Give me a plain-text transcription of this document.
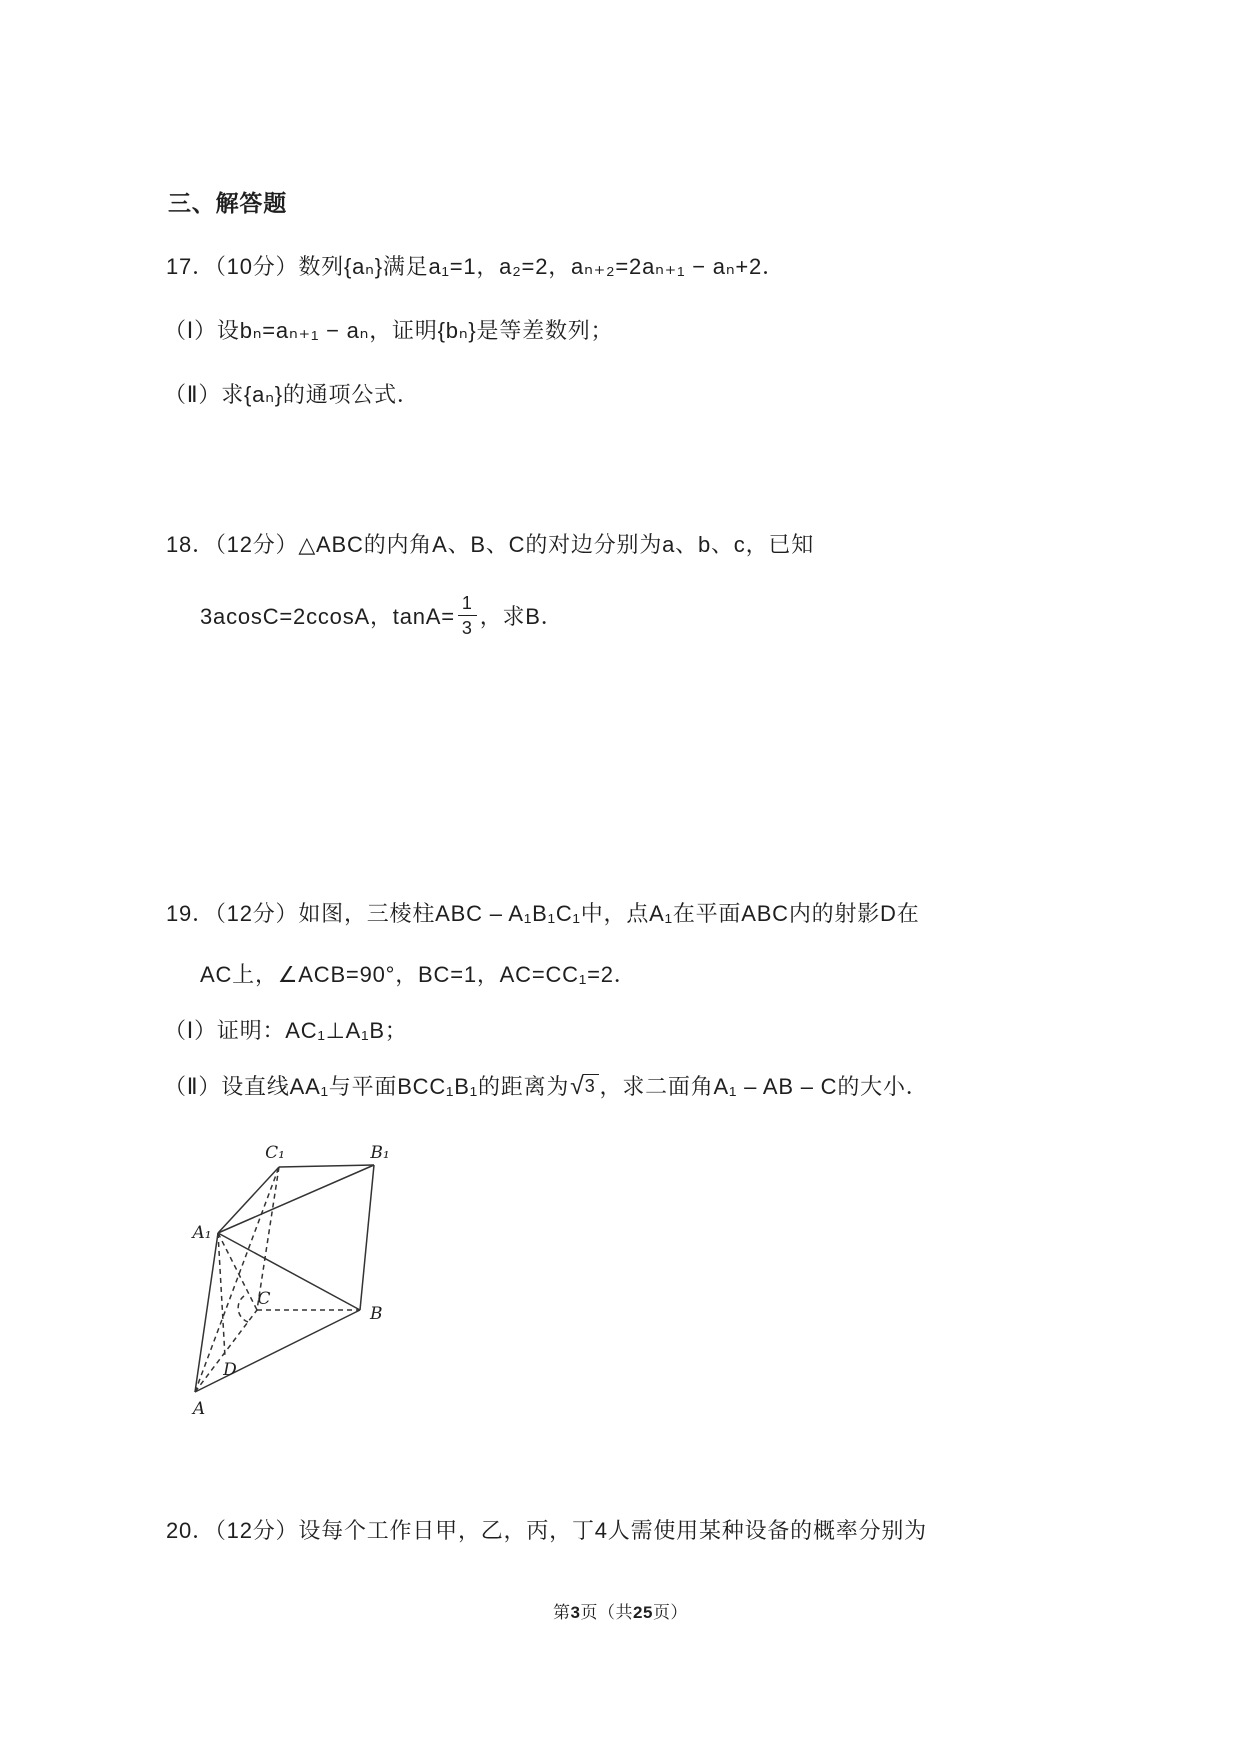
三、解答题
17．（10分）数列{aₙ}满足a₁=1，a₂=2，aₙ₊₂=2aₙ₊₁ − aₙ+2．
（Ⅰ）设bₙ=aₙ₊₁ − aₙ，证明{bₙ}是等差数列；
（Ⅱ）求{aₙ}的通项公式．
18．（12分）△ABC的内角A、B、C的对边分别为a、b、c，已知
3acosC=2ccosA，$\tan A= \frac{1}{3}$ ，求B．
19．（12分）如图，三棱柱ABC – A₁B₁C₁中，点A₁在平面ABC内的射影D在
AC上，∠ACB=90°，BC=1，AC=CC₁=2．
（Ⅰ）证明：AC₁⊥A₁B；
（Ⅱ）设直线AA₁与平面BCC₁B₁的距离为 √ 3 ，求二面角A₁ – AB – C的大小．
C₁	B₁
A₁
C
B
D
A
20．（12分）设每个工作日甲，乙，丙，丁4人需使用某种设备的概率分别为
第3页（共25页）
